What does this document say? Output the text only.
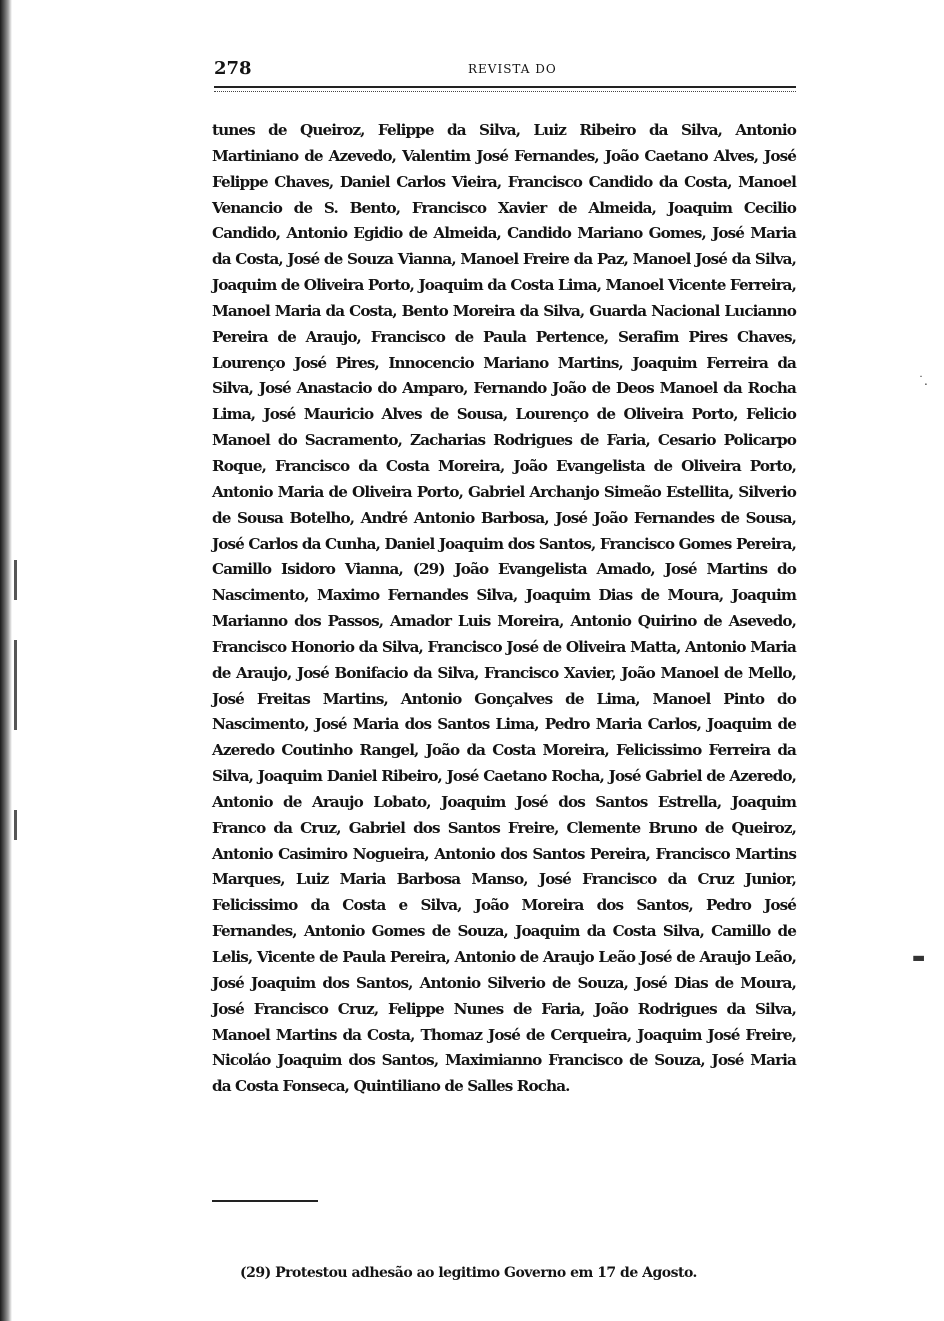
278	REVISTA DO

tunes de Queiroz, Felippe da Silva, Luiz Ribeiro da Silva, Antonio Martiniano de Azevedo, Valentim José Fernandes, João Caetano Alves, José Felippe Chaves, Daniel Carlos Vieira, Francisco Candido da Costa, Manoel Venancio de S. Bento, Francisco Xavier de Almeida, Joaquim Cecilio Candido, Antonio Egidio de Almeida, Candido Mariano Gomes, José Maria da Costa, José de Souza Vianna, Manoel Freire da Paz, Manoel José da Silva, Joaquim de Oliveira Porto, Joaquim da Costa Lima, Manoel Vicente Ferreira, Manoel Maria da Costa, Bento Moreira da Silva, Guarda Nacional Lucianno Pereira de Araujo, Francisco de Paula Pertence, Serafim Pires Chaves, Lourenço José Pires, Innocencio Mariano Martins, Joaquim Ferreira da Silva, José Anastacio do Amparo, Fernando João de Deos Manoel da Rocha Lima, José Mauricio Alves de Sousa, Lourenço de Oliveira Porto, Felicio Manoel do Sacramento, Zacharias Rodrigues de Faria, Cesario Policarpo Roque, Francisco da Costa Moreira, João Evangelista de Oliveira Porto, Antonio Maria de Oliveira Porto, Gabriel Archanjo Simeão Estellita, Silverio de Sousa Botelho, André Antonio Barbosa, José João Fernandes de Sousa, José Carlos da Cunha, Daniel Joaquim dos Santos, Francisco Gomes Pereira, Camillo Isidoro Vianna, (29) João Evangelista Amado, José Martins do Nascimento, Maximo Fernandes Silva, Joaquim Dias de Moura, Joaquim Marianno dos Passos, Amador Luis Moreira, Antonio Quirino de Asevedo, Francisco Honorio da Silva, Francisco José de Oliveira Matta, Antonio Maria de Araujo, José Bonifacio da Silva, Francisco Xavier, João Manoel de Mello, José Freitas Martins, Antonio Gonçalves de Lima, Manoel Pinto do Nascimento, José Maria dos Santos Lima, Pedro Maria Carlos, Joaquim de Azeredo Coutinho Rangel, João da Costa Moreira, Felicissimo Ferreira da Silva, Joaquim Daniel Ribeiro, José Caetano Rocha, José Gabriel de Azeredo, Antonio de Araujo Lobato, Joaquim José dos Santos Estrella, Joaquim Franco da Cruz, Gabriel dos Santos Freire, Clemente Bruno de Queiroz, Antonio Casimiro Nogueira, Antonio dos Santos Pereira, Francisco Martins Marques, Luiz Maria Barbosa Manso, José Francisco da Cruz Junior, Felicissimo da Costa e Silva, João Moreira dos Santos, Pedro José Fernandes, Antonio Gomes de Souza, Joaquim da Costa Silva, Camillo de Lelis, Vicente de Paula Pereira, Antonio de Araujo Leão José de Araujo Leão, José Joaquim dos Santos, Antonio Silverio de Souza, José Dias de Moura, José Francisco Cruz, Felippe Nunes de Faria, João Rodrigues da Silva, Manoel Martins da Costa, Thomaz José de Cerqueira, Joaquim José Freire, Nicoláo Joaquim dos Santos, Maximianno Francisco de Souza, José Maria da Costa Fonseca, Quintiliano de Salles Rocha.

˙.
▬
(29) Protestou adhesão ao legitimo Governo em 17 de Agosto.
